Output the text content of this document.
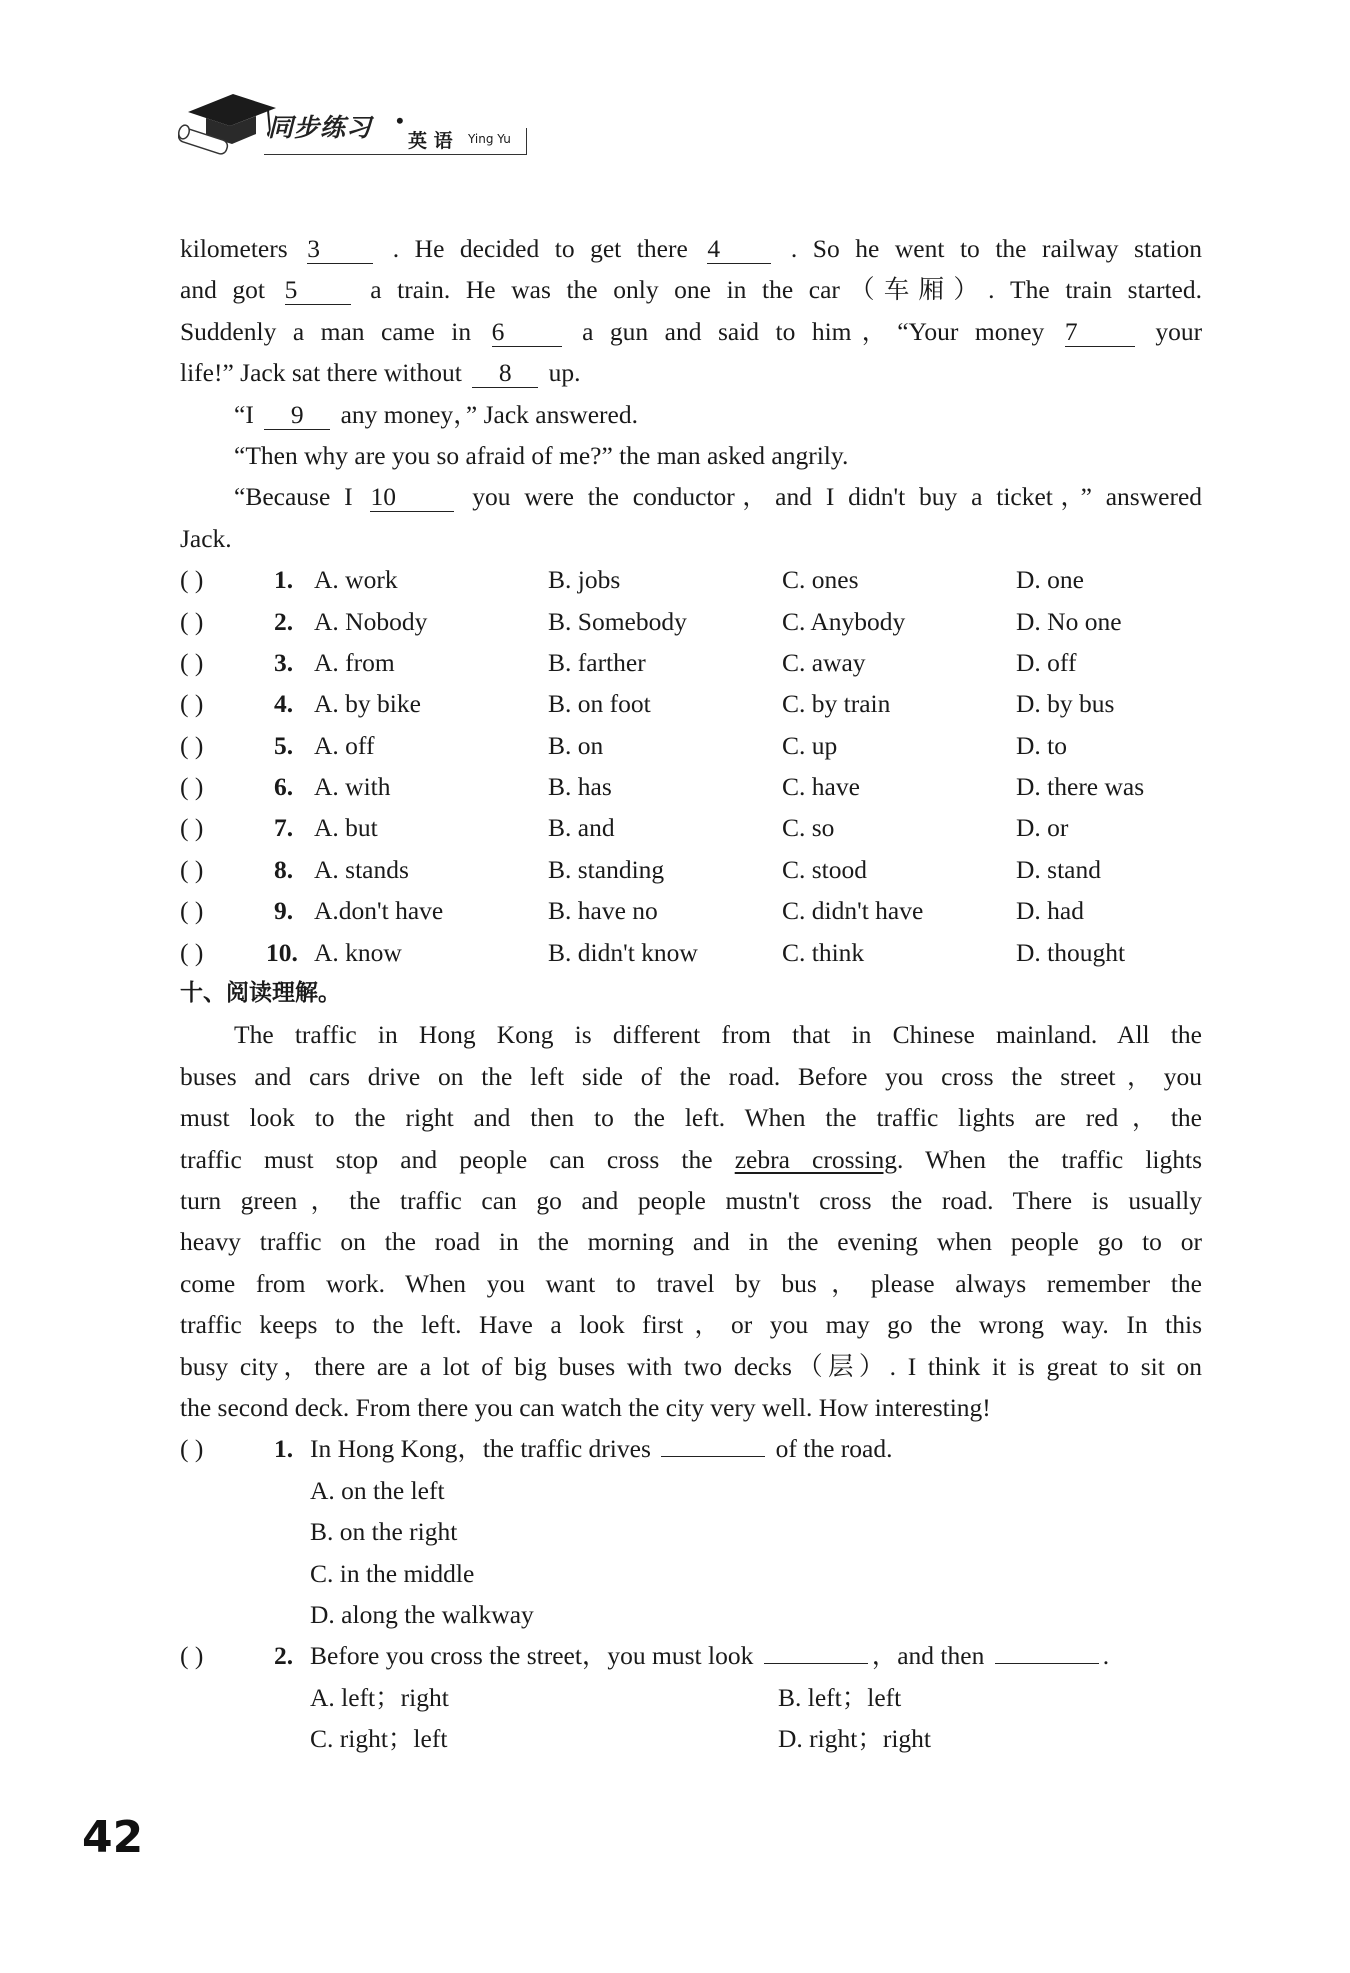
同步练习 •
英 语 Ying Yu
kilometers 3	. He decided to get there 4	. So he went to the railway station
and got 5	a train. He was the only one in the car（车厢）. The train started.
Suddenly a man came in 6	a gun and said to him，“Your money 7	your
life!” Jack sat there without 8 up.
“I 9 any money，” Jack answered.
“Then why are you so afraid of me?” the man asked angrily.
“Because I 10	you were the conductor，and I didn't buy a ticket，” answered
Jack.
( )	1. A. work	B. jobs	C. ones	D. one
( )	2. A. Nobody	B. Somebody	C. Anybody	D. No one
( )	3. A. from	B. farther	C. away	D. off
( )	4. A. by bike	B. on foot	C. by train	D. by bus
( )	5. A. off	B. on	C. up	D. to
( )	6. A. with	B. has	C. have	D. there was
( )	7. A. but	B. and	C. so	D. or
( )	8. A. stands	B. standing	C. stood	D. stand
( )	9. A.don't have	B. have no	C. didn't have	D. had
( )	10. A. know	B. didn't know	C. think	D. thought
十、阅读理解。
The traffic in Hong Kong is different from that in Chinese mainland. All the
buses and cars drive on the left side of the road. Before you cross the street，you
must look to the right and then to the left. When the traffic lights are red，the
traffic must stop and people can cross the zebra crossing. When the traffic lights
turn green，the traffic can go and people mustn't cross the road. There is usually
heavy traffic on the road in the morning and in the evening when people go to or
come from work. When you want to travel by bus，please always remember the
traffic keeps to the left. Have a look first，or you may go the wrong way. In this
busy city，there are a lot of big buses with two decks（层）. I think it is great to sit on
the second deck. From there you can watch the city very well. How interesting!
( )	1. In Hong Kong，the traffic drives	of the road.
A. on the left
B. on the right
C. in the middle
D. along the walkway
( )	2. Before you cross the street，you must look	，and then	.
A. left；right	B. left；left
C. right；left	D. right；right
42
